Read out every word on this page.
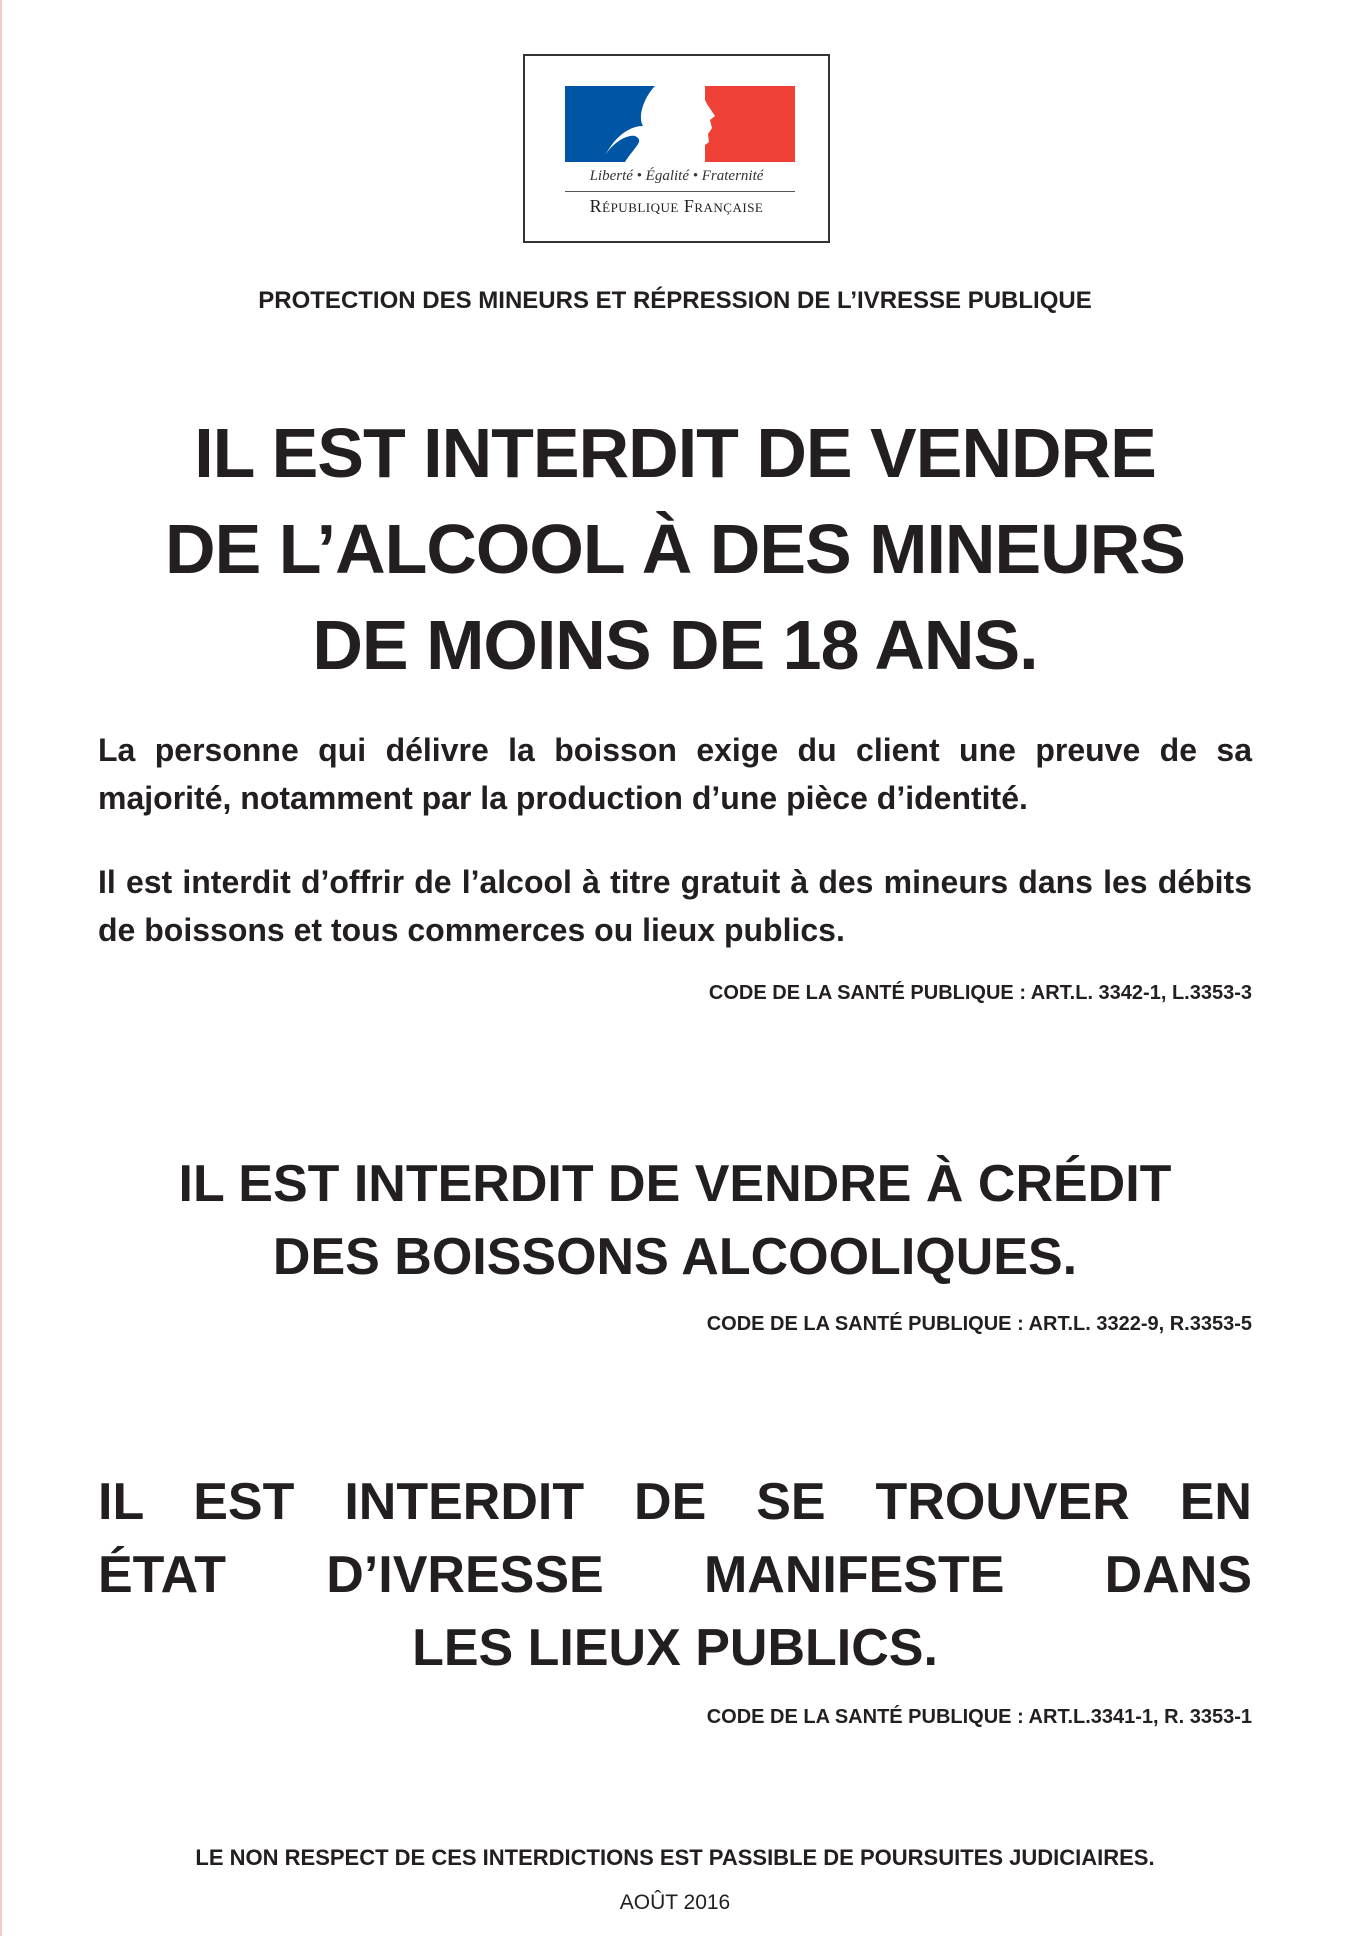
Liberté • Égalité • Fraternité
République Française
PROTECTION DES MINEURS ET RÉPRESSION DE L’IVRESSE PUBLIQUE
IL EST INTERDIT DE VENDRE
DE L’ALCOOL À DES MINEURS
DE MOINS DE 18 ANS.
La personne qui délivre la boisson exige du client une preuve de sa majorité, notamment par la production d’une pièce d’identité.
Il est interdit d’offrir de l’alcool à titre gratuit à des mineurs dans les débits de boissons et tous commerces ou lieux publics.
CODE DE LA SANTÉ PUBLIQUE : ART.L. 3342-1, L.3353-3
IL EST INTERDIT DE VENDRE À CRÉDIT
DES BOISSONS ALCOOLIQUES.
CODE DE LA SANTÉ PUBLIQUE : ART.L. 3322-9, R.3353-5
IL EST INTERDIT DE SE TROUVER EN
ÉTAT D’IVRESSE MANIFESTE DANS
LES LIEUX PUBLICS.
CODE DE LA SANTÉ PUBLIQUE : ART.L.3341-1, R. 3353-1
LE NON RESPECT DE CES INTERDICTIONS EST PASSIBLE DE POURSUITES JUDICIAIRES.
AOÛT 2016
